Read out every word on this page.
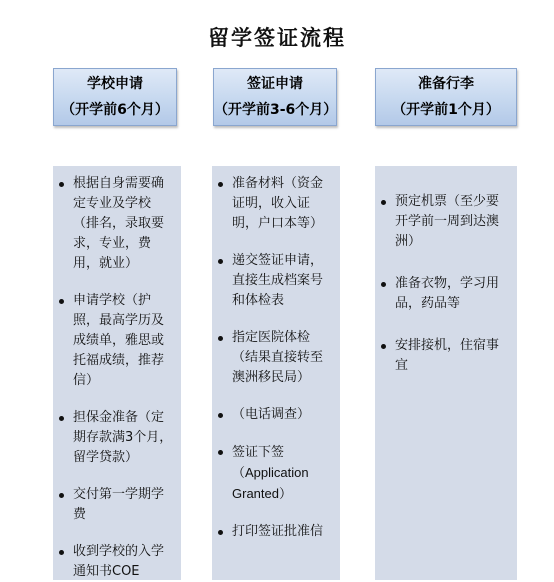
留学签证流程
学校申请
（开学前6个月）
签证申请
（开学前3-6个月）
准备行李
（开学前1个月）
根据自身需要确定专业及学校（排名，录取要求，专业，费用，就业）
申请学校（护照，最高学历及成绩单，雅思或托福成绩，推荐信）
担保金准备（定期存款满3个月，留学贷款）
交付第一学期学费
收到学校的入学通知书COE
准备材料（资金证明，收入证明，户口本等）
递交签证申请，直接生成档案号和体检表
指定医院体检（结果直接转至澳洲移民局）
（电话调查）
签证下签（Application Granted）
打印签证批准信
预定机票（至少要开学前一周到达澳洲）
准备衣物，学习用品，药品等
安排接机，住宿事宜
